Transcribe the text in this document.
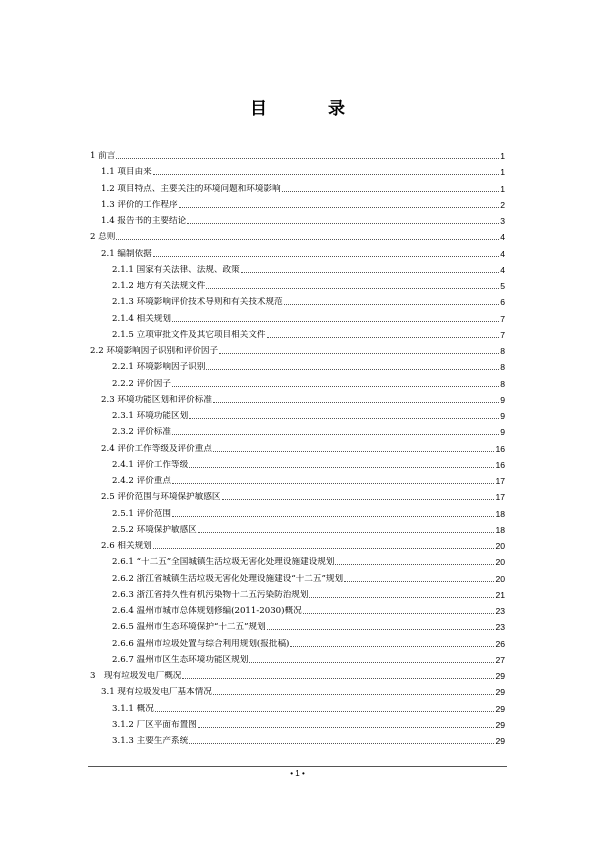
目　录
1 前言	1
1.1 项目由来	1
1.2 项目特点、主要关注的环境问题和环境影响	1
1.3 评价的工作程序	2
1.4 报告书的主要结论	3
2 总则	4
2.1 编制依据	4
2.1.1 国家有关法律、法规、政策	4
2.1.2 地方有关法规文件	5
2.1.3 环境影响评价技术导则和有关技术规范	6
2.1.4 相关规划	7
2.1.5 立项审批文件及其它项目相关文件	7
2.2 环境影响因子识别和评价因子	8
2.2.1 环境影响因子识别	8
2.2.2 评价因子	8
2.3 环境功能区划和评价标准	9
2.3.1 环境功能区划	9
2.3.2 评价标准	9
2.4 评价工作等级及评价重点	16
2.4.1 评价工作等级	16
2.4.2 评价重点	17
2.5 评价范围与环境保护敏感区	17
2.5.1 评价范围	18
2.5.2 环境保护敏感区	18
2.6 相关规划	20
2.6.1 “十二五”全国城镇生活垃圾无害化处理设施建设规划	20
2.6.2 浙江省城镇生活垃圾无害化处理设施建设“十二五”规划	20
2.6.3 浙江省持久性有机污染物十二五污染防治规划	21
2.6.4 温州市城市总体规划修编(2011-2030)概况	23
2.6.5 温州市生态环境保护“十二五”规划	23
2.6.6 温州市垃圾处置与综合利用规划(报批稿)	26
2.6.7 温州市区生态环境功能区规划	27
3　现有垃圾发电厂概况	29
3.1 现有垃圾发电厂基本情况	29
3.1.1 概况	29
3.1.2 厂区平面布置图	29
3.1.3 主要生产系统	29
• 1 •
